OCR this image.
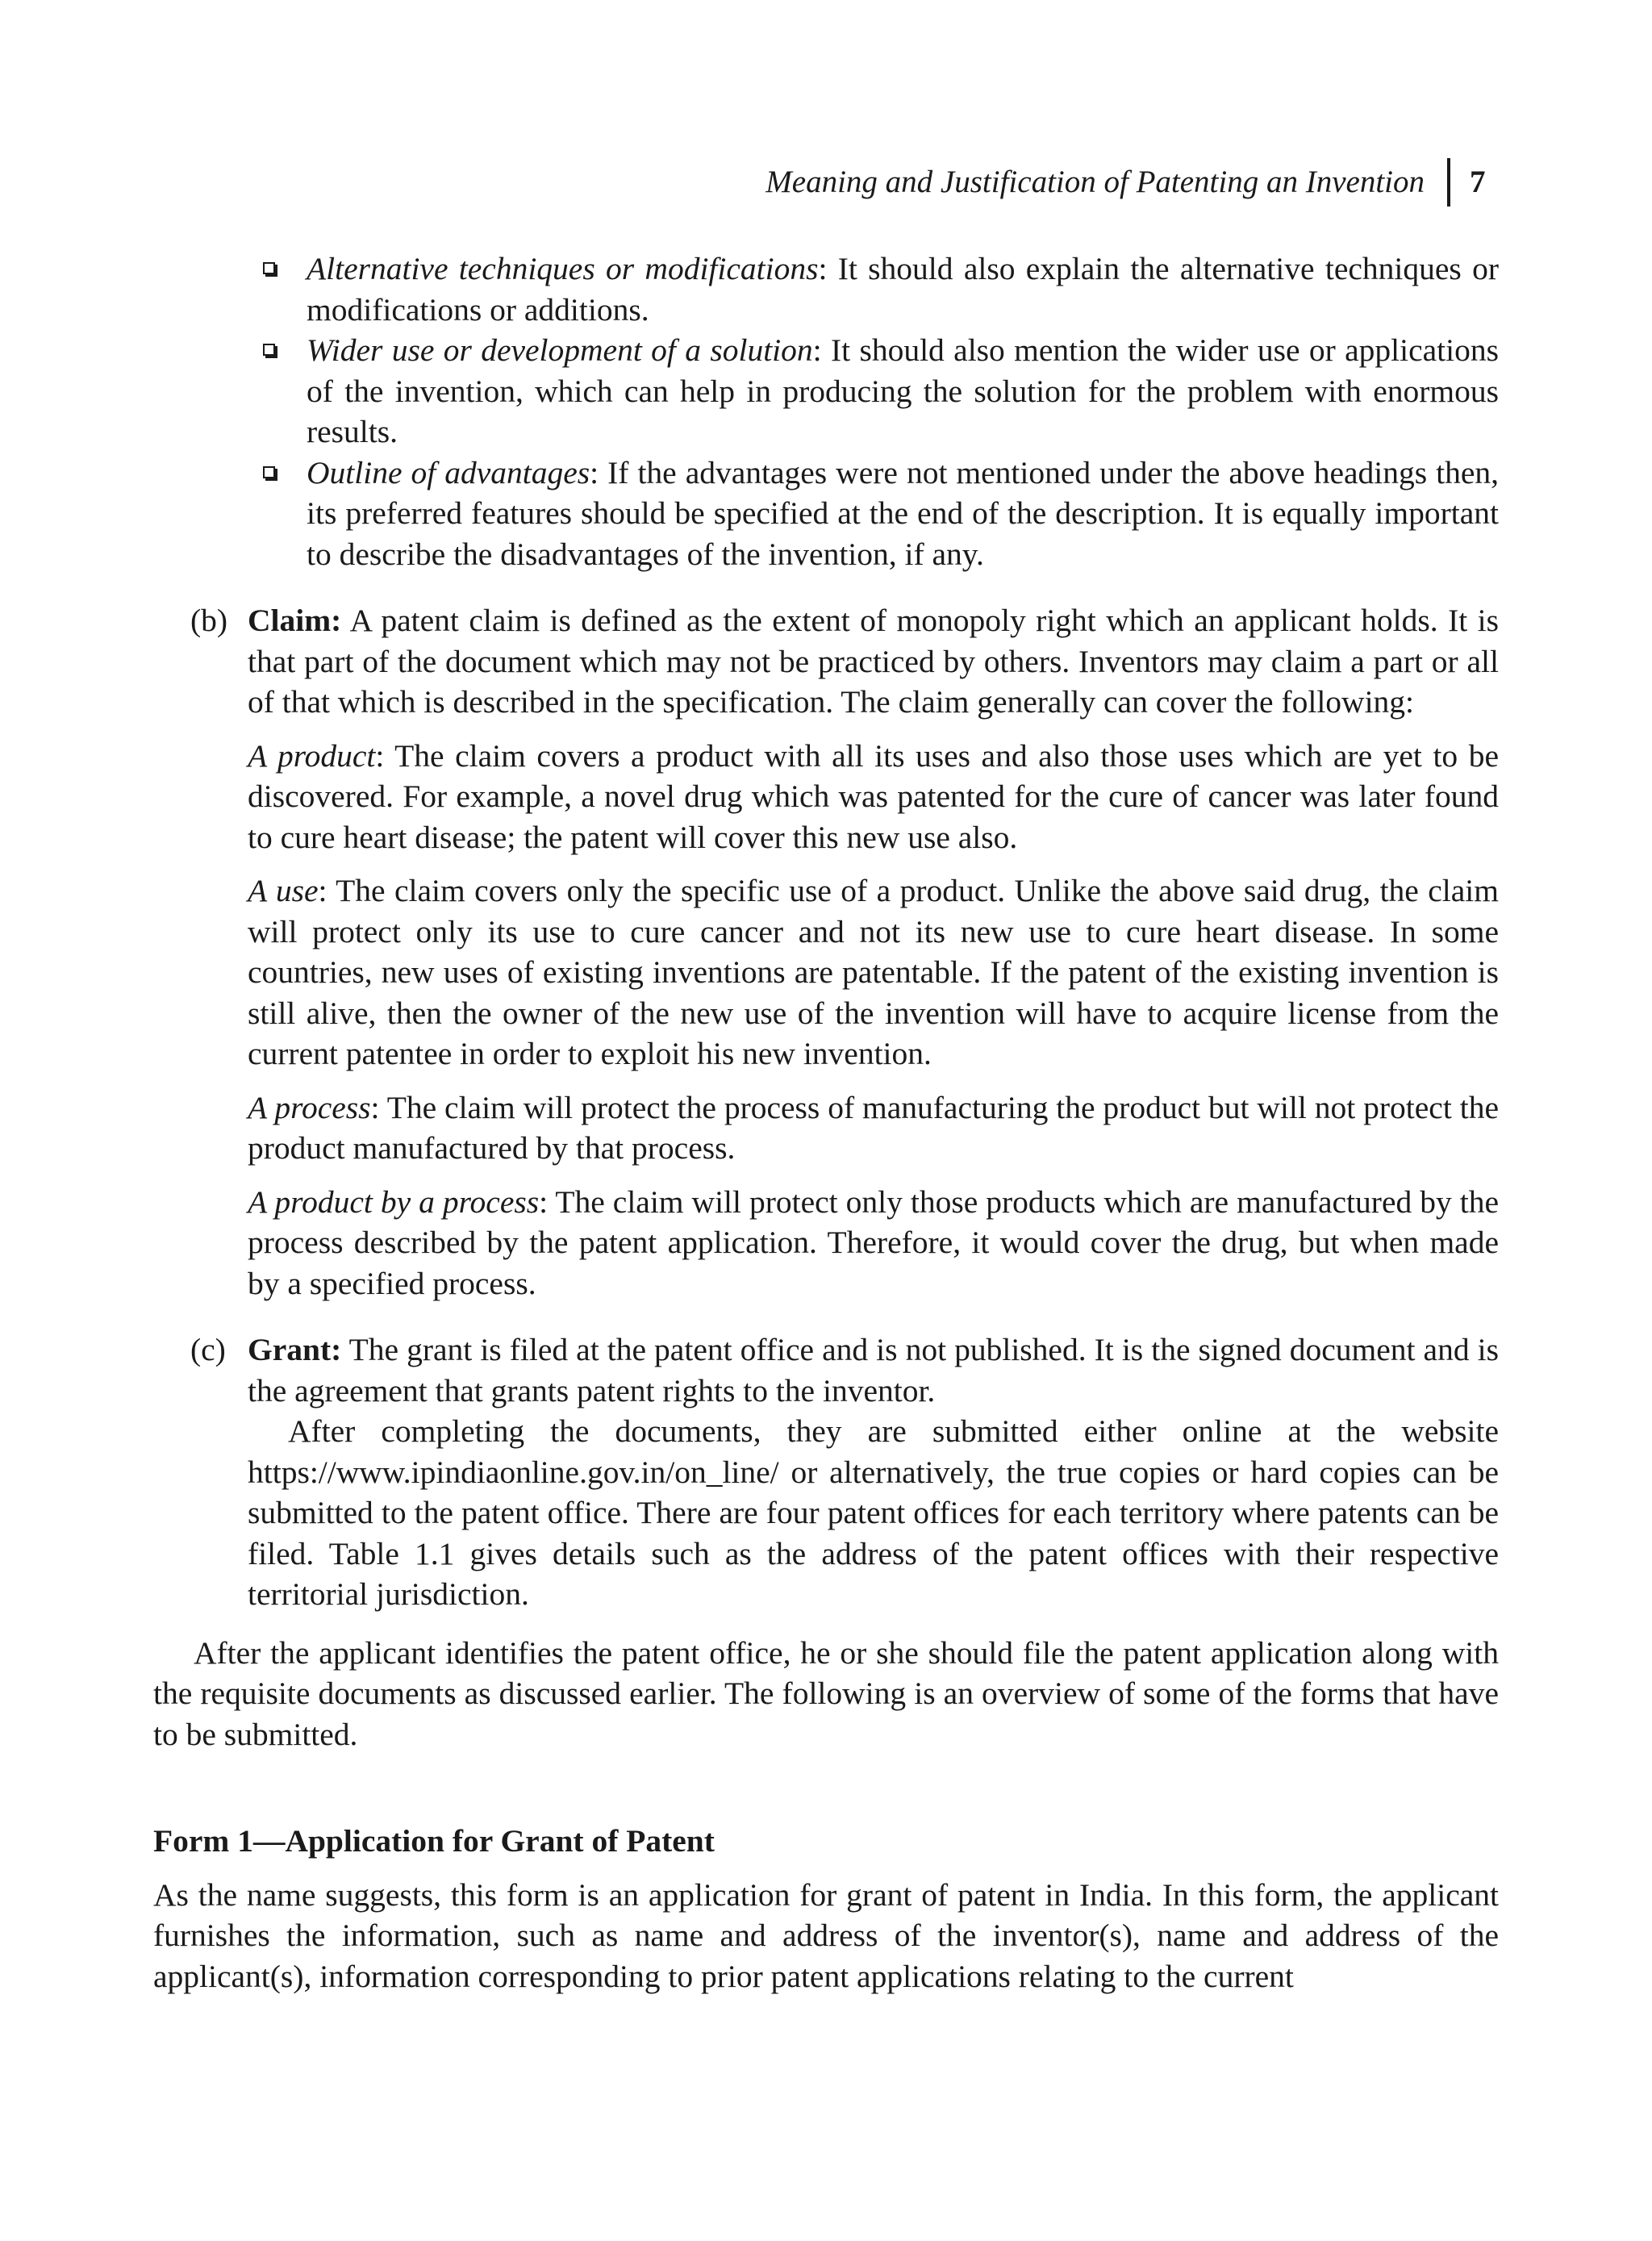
Meaning and Justification of Patenting an Invention 7
Alternative techniques or modifications: It should also explain the alternative techniques or modifications or additions.
Wider use or development of a solution: It should also mention the wider use or applications of the invention, which can help in producing the solution for the problem with enormous results.
Outline of advantages: If the advantages were not mentioned under the above headings then, its preferred features should be specified at the end of the description. It is equally important to describe the disadvantages of the invention, if any.
(b) Claim: A patent claim is defined as the extent of monopoly right which an applicant holds. It is that part of the document which may not be practiced by others. Inventors may claim a part or all of that which is described in the specification. The claim generally can cover the following:

A product: The claim covers a product with all its uses and also those uses which are yet to be discovered. For example, a novel drug which was patented for the cure of cancer was later found to cure heart disease; the patent will cover this new use also.

A use: The claim covers only the specific use of a product. Unlike the above said drug, the claim will protect only its use to cure cancer and not its new use to cure heart disease. In some countries, new uses of existing inventions are patentable. If the patent of the existing invention is still alive, then the owner of the new use of the invention will have to acquire license from the current patentee in order to exploit his new invention.

A process: The claim will protect the process of manufacturing the product but will not protect the product manufactured by that process.

A product by a process: The claim will protect only those products which are manufactured by the process described by the patent application. Therefore, it would cover the drug, but when made by a specified process.

(c) Grant: The grant is filed at the patent office and is not published. It is the signed document and is the agreement that grants patent rights to the inventor.

After completing the documents, they are submitted either online at the website https://www.ipindiaonline.gov.in/on_line/ or alternatively, the true copies or hard copies can be submitted to the patent office. There are four patent offices for each territory where patents can be filed. Table 1.1 gives details such as the address of the patent offices with their respective territorial jurisdiction.

After the applicant identifies the patent office, he or she should file the patent application along with the requisite documents as discussed earlier. The following is an overview of some of the forms that have to be submitted.

Form 1—Application for Grant of Patent

As the name suggests, this form is an application for grant of patent in India. In this form, the applicant furnishes the information, such as name and address of the inventor(s), name and address of the applicant(s), information corresponding to prior patent applications relating to the current
